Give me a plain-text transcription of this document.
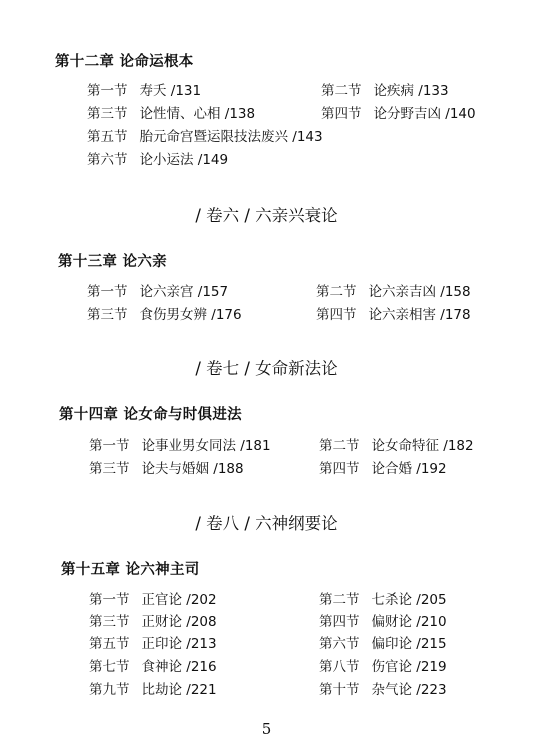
第十二章 论命运根本
第一节 寿夭 /131	第二节 论疾病 /133
第三节 论性情、心相 /138	第四节 论分野吉凶 /140
第五节 胎元命宫暨运限技法废兴 /143
第六节 论小运法 /149
/ 卷六 / 六亲兴衰论
第十三章 论六亲
第一节 论六亲宫 /157	第二节 论六亲吉凶 /158
第三节 食伤男女辨 /176	第四节 论六亲相害 /178
/ 卷七 / 女命新法论
第十四章 论女命与时俱进法
第一节 论事业男女同法 /181	第二节 论女命特征 /182
第三节 论夫与婚姻 /188	第四节 论合婚 /192
/ 卷八 / 六神纲要论
第十五章 论六神主司
第一节 正官论 /202	第二节 七杀论 /205
第三节 正财论 /208	第四节 偏财论 /210
第五节 正印论 /213	第六节 偏印论 /215
第七节 食神论 /216	第八节 伤官论 /219
第九节 比劫论 /221	第十节 杂气论 /223
5
